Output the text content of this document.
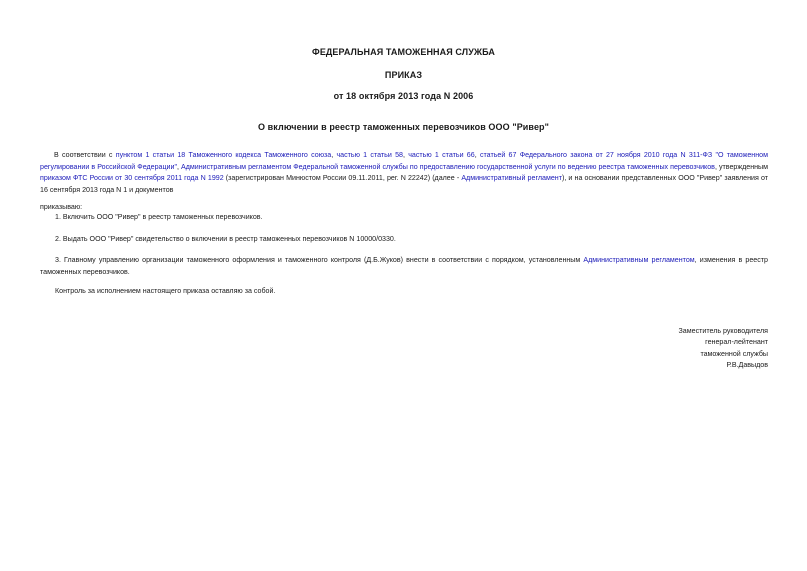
ФЕДЕРАЛЬНАЯ ТАМОЖЕННАЯ СЛУЖБА
ПРИКАЗ
от 18 октября 2013 года N 2006
О включении в реестр таможенных перевозчиков ООО "Ривер"
В соответствии с пунктом 1 статьи 18 Таможенного кодекса Таможенного союза, частью 1 статьи 58, частью 1 статьи 66, статьей 67 Федерального закона от 27 ноября 2010 года N 311-ФЗ "О таможенном регулировании в Российской Федерации", Административным регламентом Федеральной таможенной службы по предоставлению государственной услуги по ведению реестра таможенных перевозчиков, утвержденным приказом ФТС России от 30 сентября 2011 года N 1992 (зарегистрирован Минюстом России 09.11.2011, рег. N 22242) (далее - Административный регламент), и на основании представленных ООО "Ривер" заявления от 16 сентября 2013 года N 1 и документов
приказываю:
1. Включить ООО "Ривер" в реестр таможенных перевозчиков.
2. Выдать ООО "Ривер" свидетельство о включении в реестр таможенных перевозчиков N 10000/0330.
3. Главному управлению организации таможенного оформления и таможенного контроля (Д.Б.Жуков) внести в соответствии с порядком, установленным Административным регламентом, изменения в реестр таможенных перевозчиков.
Контроль за исполнением настоящего приказа оставляю за собой.
Заместитель руководителя
генерал-лейтенант
таможенной службы
Р.В.Давыдов
